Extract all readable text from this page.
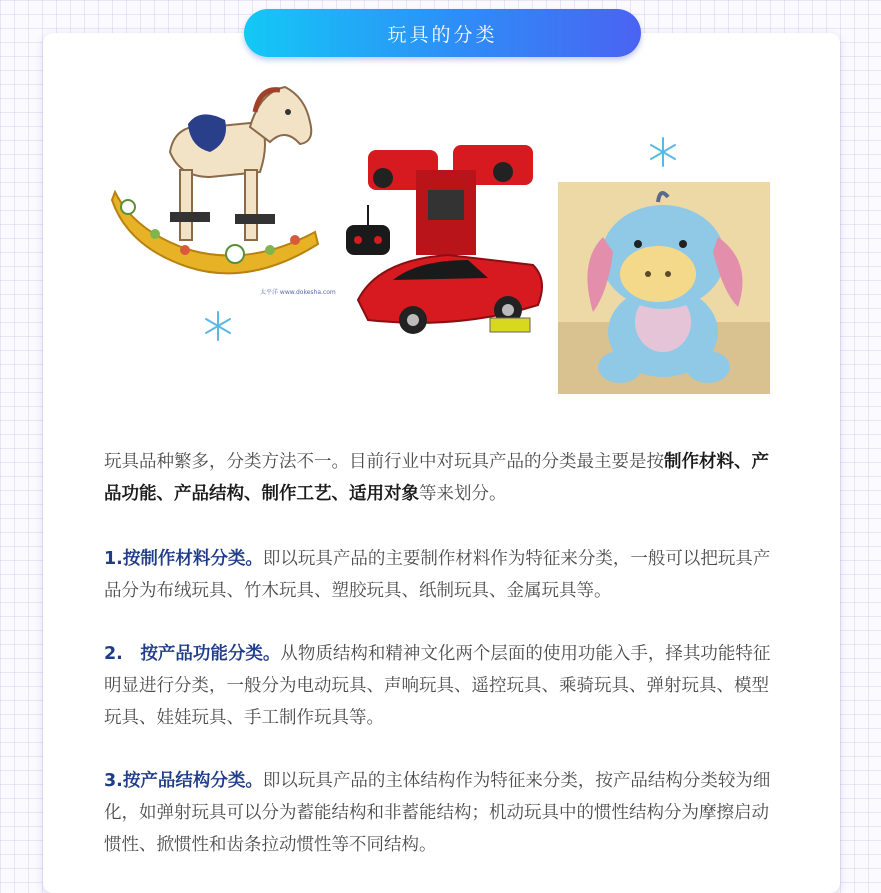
玩具的分类
太平洋 www.dokesha.com
玩具品种繁多，分类方法不一。目前行业中对玩具产品的分类最主要是按制作材料、产品功能、产品结构、制作工艺、适用对象等来划分。
1.按制作材料分类。即以玩具产品的主要制作材料作为特征来分类，一般可以把玩具产品分为布绒玩具、竹木玩具、塑胶玩具、纸制玩具、金属玩具等。
2.　按产品功能分类。从物质结构和精神文化两个层面的使用功能入手，择其功能特征明显进行分类，一般分为电动玩具、声响玩具、遥控玩具、乘骑玩具、弹射玩具、模型玩具、娃娃玩具、手工制作玩具等。
3.按产品结构分类。即以玩具产品的主体结构作为特征来分类，按产品结构分类较为细化，如弹射玩具可以分为蓄能结构和非蓄能结构；机动玩具中的惯性结构分为摩擦启动惯性、掀惯性和齿条拉动惯性等不同结构。
